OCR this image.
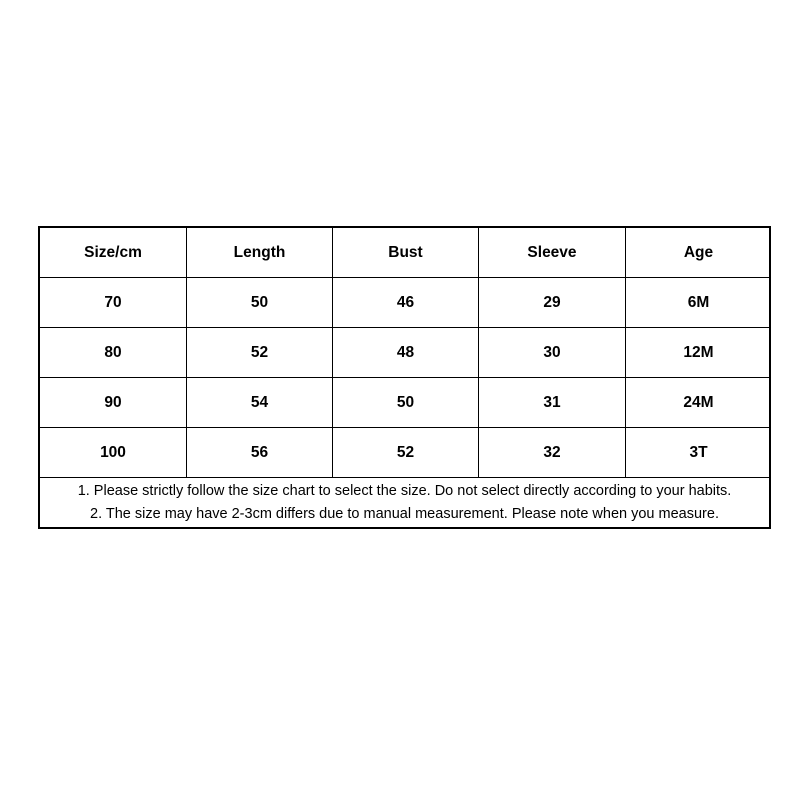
Size/cm	Length	Bust	Sleeve	Age
70	50	46	29	6M
80	52	48	30	12M
90	54	50	31	24M
100	56	52	32	3T
1. Please strictly follow the size chart to select the size. Do not select directly according to your habits.
2. The size may have 2-3cm differs due to manual measurement. Please note when you measure.
